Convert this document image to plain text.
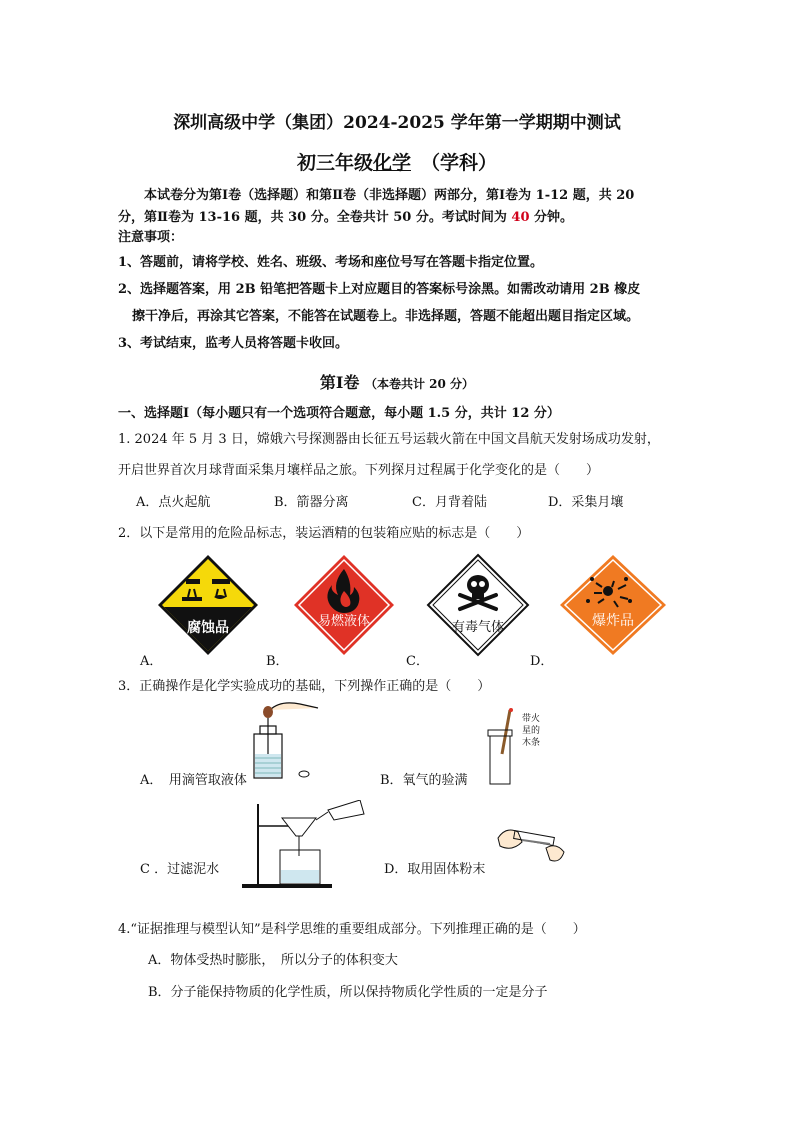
深圳高级中学（集团）2024-2025 学年第一学期期中测试
初三年级化学 （学科）
本试卷分为第Ⅰ卷（选择题）和第Ⅱ卷（非选择题）两部分，第Ⅰ卷为 1-12 题，共 20
分，第Ⅱ卷为 13-16 题，共 30 分。全卷共计 50 分。考试时间为 40 分钟。
注意事项：
1、答题前，请将学校、姓名、班级、考场和座位号写在答题卡指定位置。
2、选择题答案，用 2B 铅笔把答题卡上对应题目的答案标号涂黑。如需改动请用 2B 橡皮
擦干净后，再涂其它答案，不能答在试题卷上。非选择题，答题不能超出题目指定区域。
3、考试结束，监考人员将答题卡收回。
第Ⅰ卷 （本卷共计 20 分）
一、选择题Ⅰ（每小题只有一个选项符合题意，每小题 1.5 分，共计 12 分）
1. 2024 年 5 月 3 日，嫦娥六号探测器由长征五号运载火箭在中国文昌航天发射场成功发射，
开启世界首次月球背面采集月壤样品之旅。下列探月过程属于化学变化的是（　　）
A．点火起航	B．箭器分离	C．月背着陆	D．采集月壤
2．以下是常用的危险品标志，装运酒精的包装箱应贴的标志是（　　）
腐蚀品
A．
易燃液体
B．
有毒气体
C．
爆炸品
D．
3．正确操作是化学实验成功的基础，下列操作正确的是（　　）
A．　用滴管取液体
带火
星的
木条
B．氧气的验满
C ．过滤泥水	D．取用固体粉末
4.“证据推理与模型认知”是科学思维的重要组成部分。下列推理正确的是（　　）
A．物体受热时膨胀，　所以分子的体积变大
B．分子能保持物质的化学性质，所以保持物质化学性质的一定是分子
